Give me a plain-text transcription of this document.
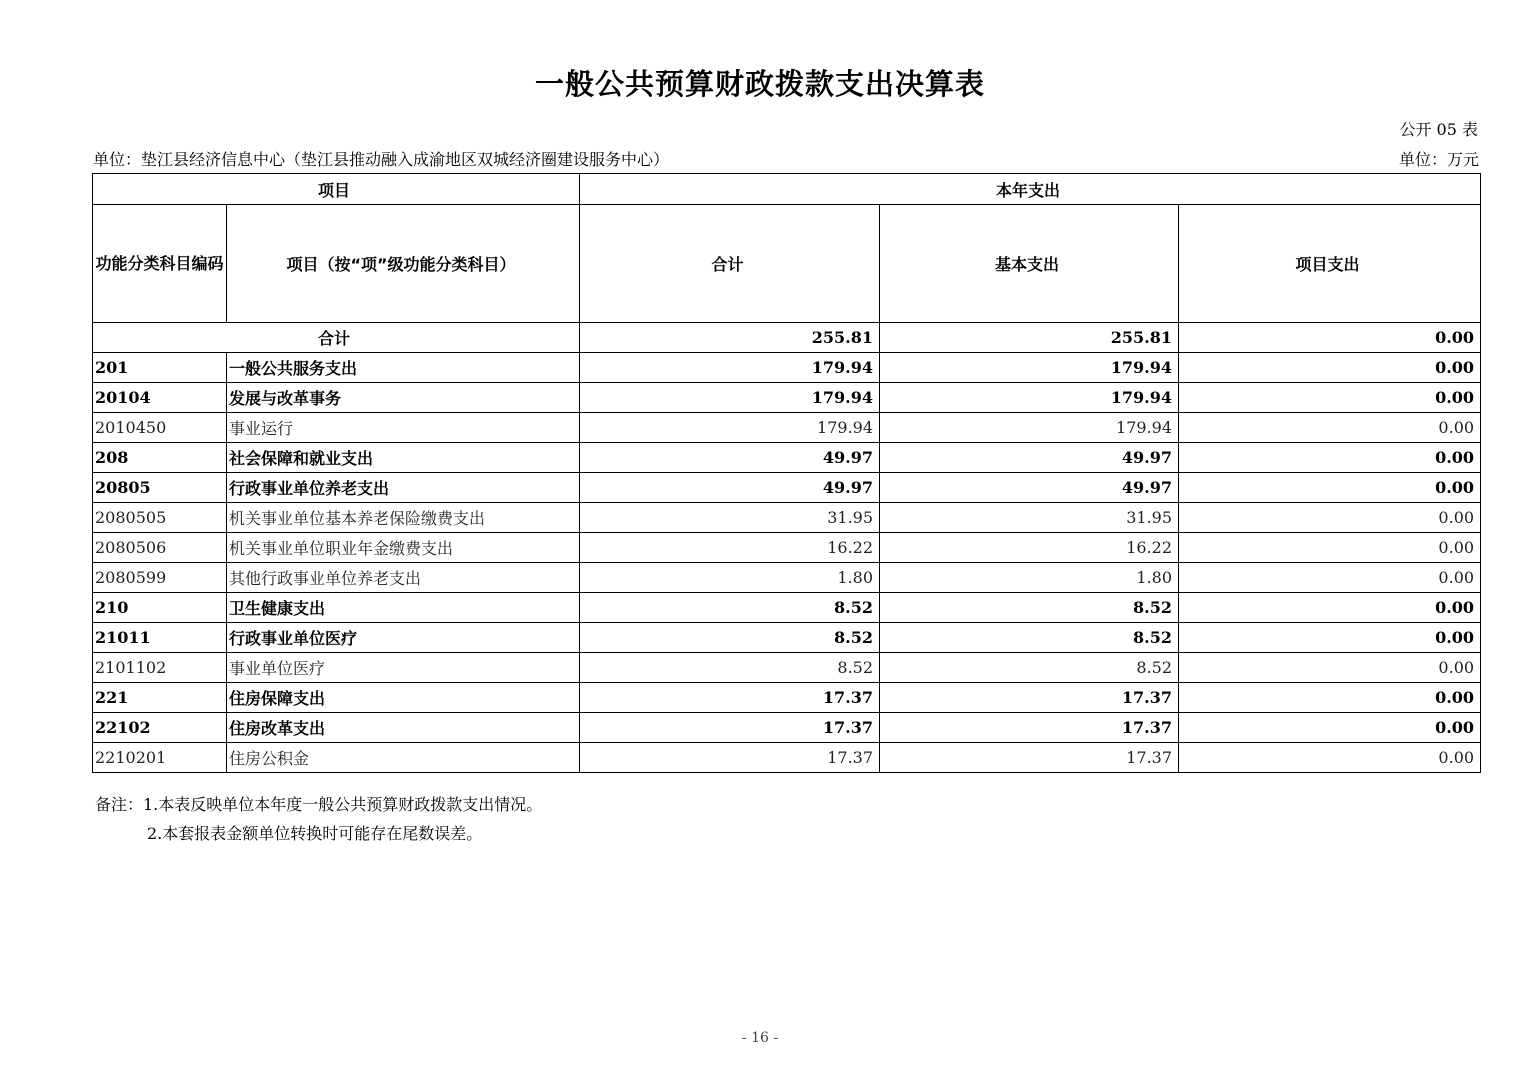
一般公共预算财政拨款支出决算表
公开 05 表
单位：垫江县经济信息中心（垫江县推动融入成渝地区双城经济圈建设服务中心）	单位：万元
项目		本年支出		
功能分类科目编码	项目（按“项”级功能分类科目）	合计	基本支出	项目支出
合计		255.81	255.81	0.00
201	一般公共服务支出	179.94	179.94	0.00
20104	发展与改革事务	179.94	179.94	0.00
2010450	事业运行	179.94	179.94	0.00
208	社会保障和就业支出	49.97	49.97	0.00
20805	行政事业单位养老支出	49.97	49.97	0.00
2080505	机关事业单位基本养老保险缴费支出	31.95	31.95	0.00
2080506	机关事业单位职业年金缴费支出	16.22	16.22	0.00
2080599	其他行政事业单位养老支出	1.80	1.80	0.00
210	卫生健康支出	8.52	8.52	0.00
21011	行政事业单位医疗	8.52	8.52	0.00
2101102	事业单位医疗	8.52	8.52	0.00
221	住房保障支出	17.37	17.37	0.00
22102	住房改革支出	17.37	17.37	0.00
2210201	住房公积金	17.37	17.37	0.00
备注：1.本表反映单位本年度一般公共预算财政拨款支出情况。
2.本套报表金额单位转换时可能存在尾数误差。
- 16 -
